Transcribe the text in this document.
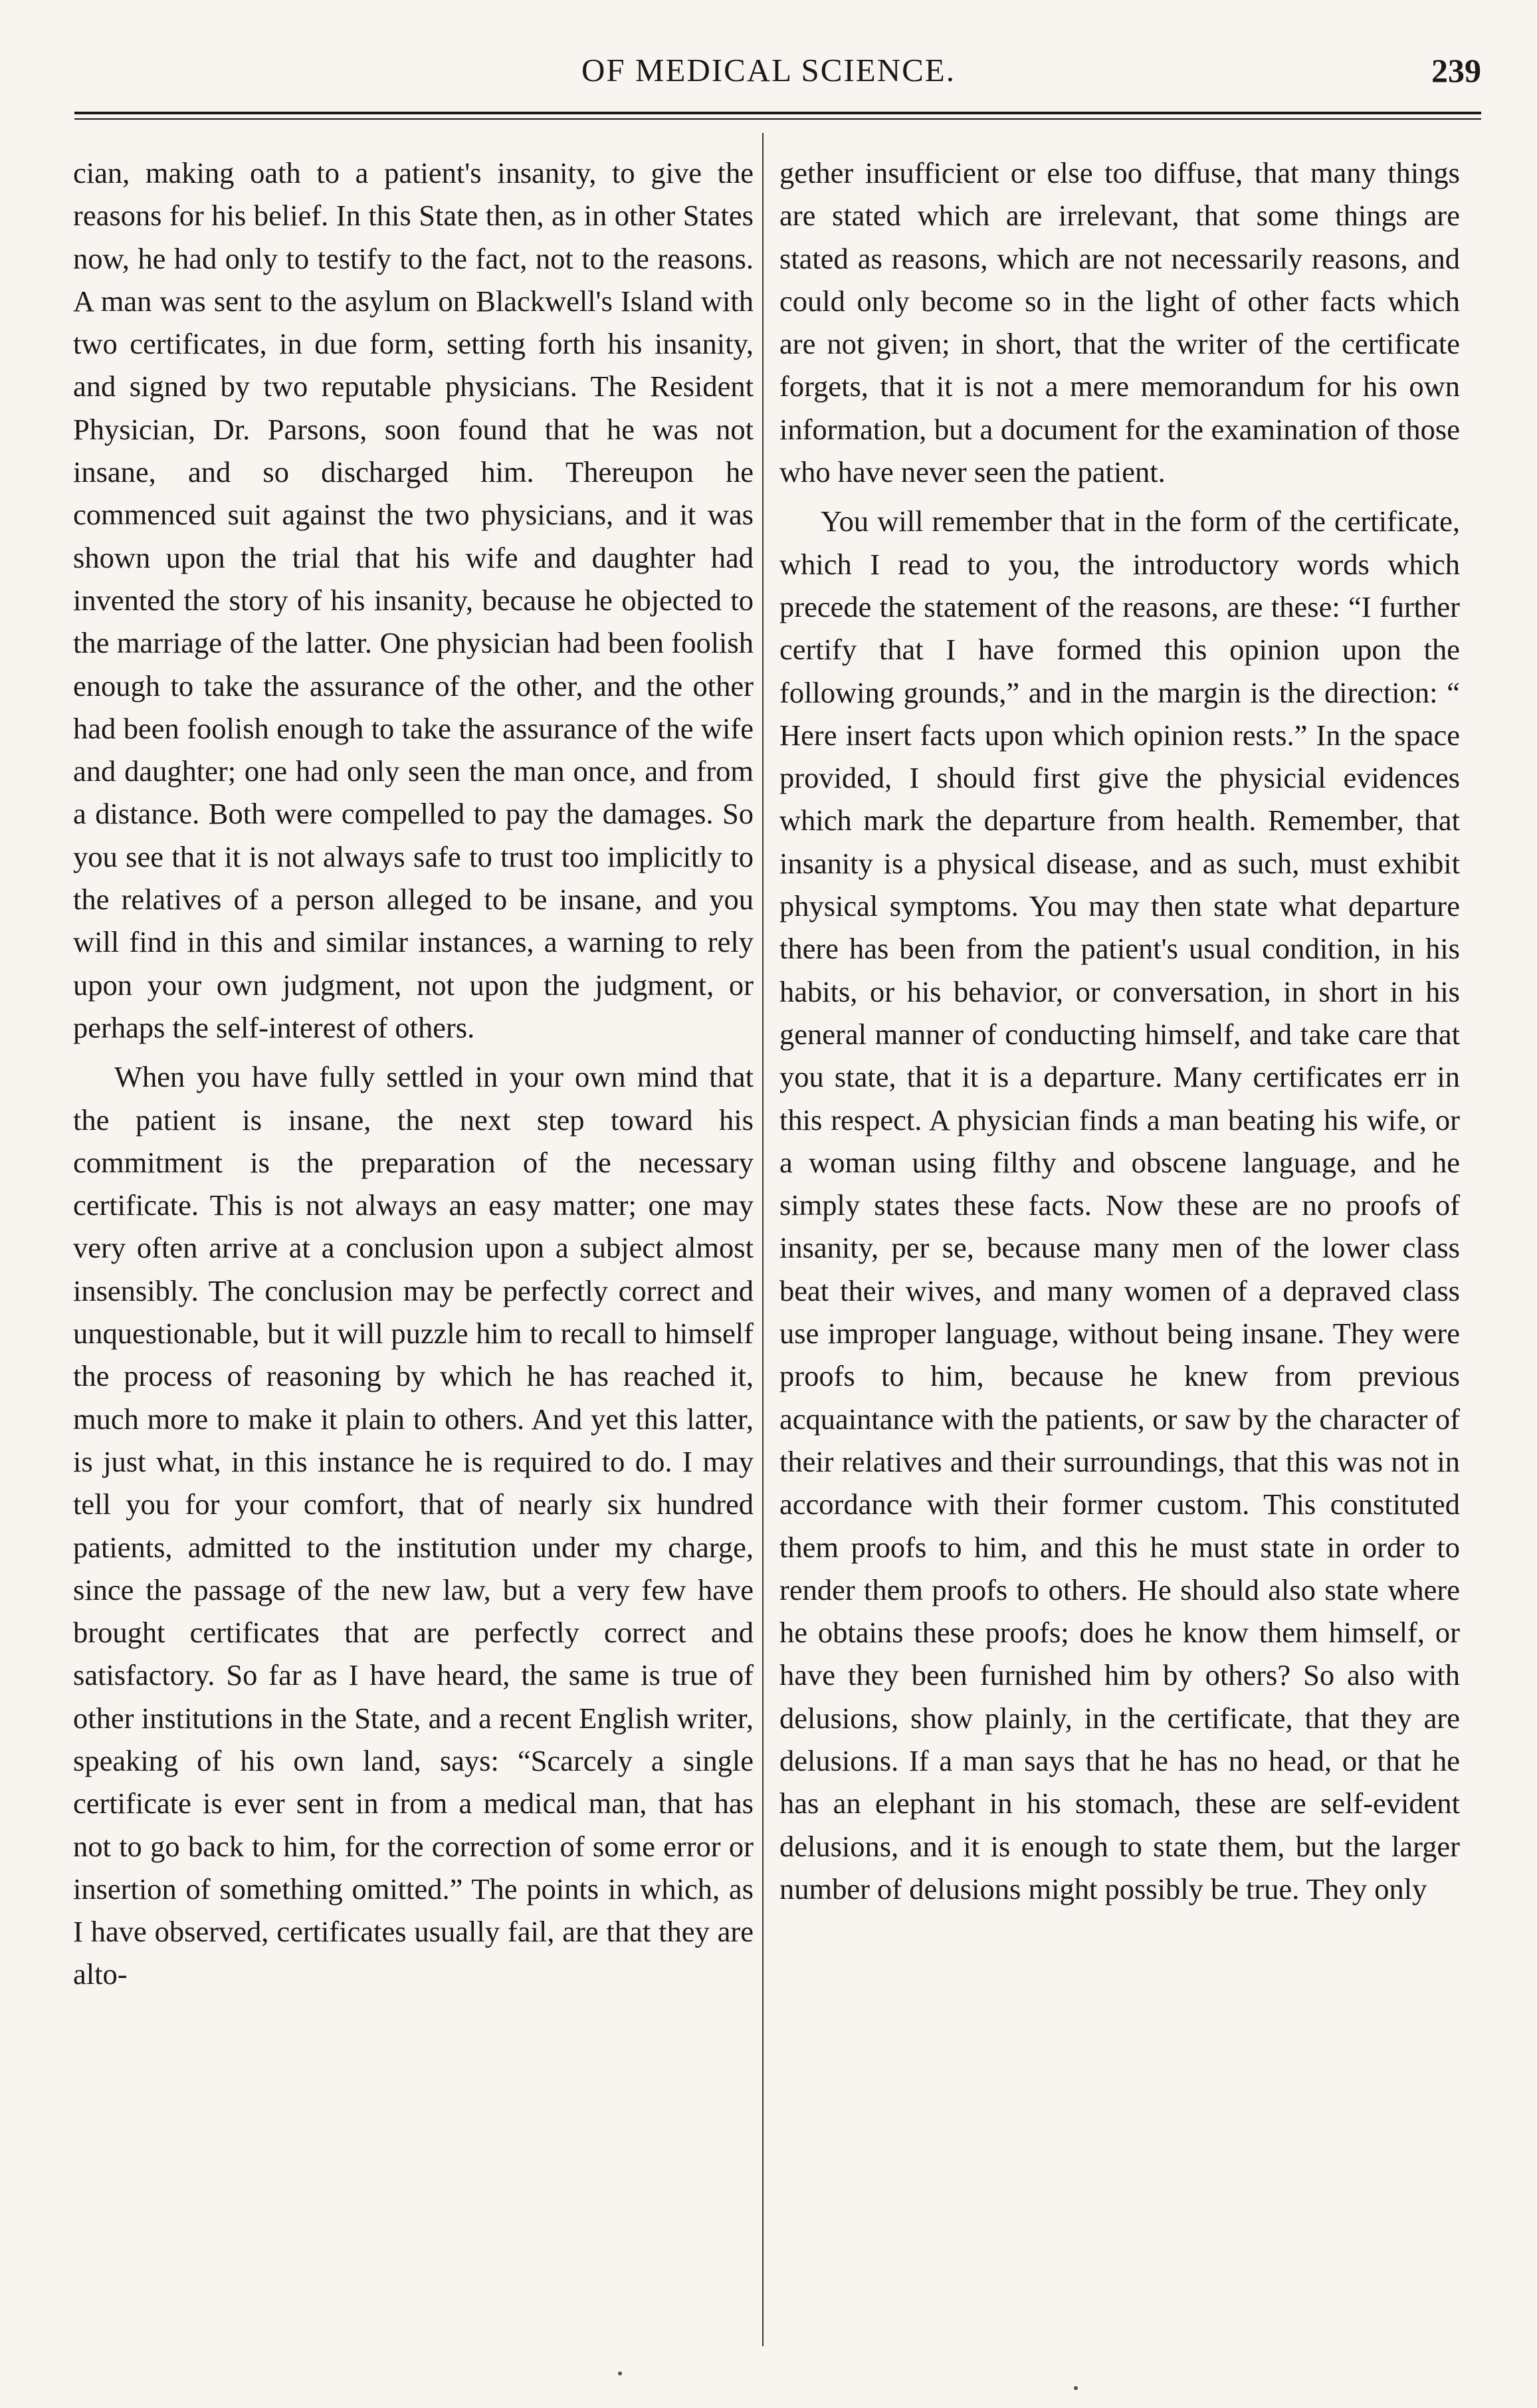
OF MEDICAL SCIENCE.	239

cian, making oath to a patient's insanity, to give the reasons for his belief. In this State then, as in other States now, he had only to testify to the fact, not to the reasons. A man was sent to the asylum on Blackwell's Island with two certificates, in due form, setting forth his insanity, and signed by two reputable physicians. The Resident Physician, Dr. Parsons, soon found that he was not insane, and so discharged him. Thereupon he commenced suit against the two physicians, and it was shown upon the trial that his wife and daughter had invented the story of his insanity, because he objected to the marriage of the latter. One physician had been foolish enough to take the assurance of the other, and the other had been foolish enough to take the assurance of the wife and daughter; one had only seen the man once, and from a distance. Both were compelled to pay the damages. So you see that it is not always safe to trust too implicitly to the relatives of a person alleged to be insane, and you will find in this and similar instances, a warning to rely upon your own judgment, not upon the judgment, or perhaps the self-interest of others.

When you have fully settled in your own mind that the patient is insane, the next step toward his commitment is the preparation of the necessary certificate. This is not always an easy matter; one may very often arrive at a conclusion upon a subject almost insensibly. The conclusion may be perfectly correct and unquestionable, but it will puzzle him to recall to himself the process of reasoning by which he has reached it, much more to make it plain to others. And yet this latter, is just what, in this instance he is required to do. I may tell you for your comfort, that of nearly six hundred patients, admitted to the institution under my charge, since the passage of the new law, but a very few have brought certificates that are perfectly correct and satisfactory. So far as I have heard, the same is true of other institutions in the State, and a recent English writer, speaking of his own land, says: “Scarcely a single certificate is ever sent in from a medical man, that has not to go back to him, for the correction of some error or insertion of something omitted.” The points in which, as I have observed, certificates usually fail, are that they are alto-

gether insufficient or else too diffuse, that many things are stated which are irrelevant, that some things are stated as reasons, which are not necessarily reasons, and could only become so in the light of other facts which are not given; in short, that the writer of the certificate forgets, that it is not a mere memorandum for his own information, but a document for the examination of those who have never seen the patient.

You will remember that in the form of the certificate, which I read to you, the introductory words which precede the statement of the reasons, are these: “I further certify that I have formed this opinion upon the following grounds,” and in the margin is the direction: “ Here insert facts upon which opinion rests.” In the space provided, I should first give the physicial evidences which mark the departure from health. Remember, that insanity is a physical disease, and as such, must exhibit physical symptoms. You may then state what departure there has been from the patient's usual condition, in his habits, or his behavior, or conversation, in short in his general manner of conducting himself, and take care that you state, that it is a departure. Many certificates err in this respect. A physician finds a man beating his wife, or a woman using filthy and obscene language, and he simply states these facts. Now these are no proofs of insanity, per se, because many men of the lower class beat their wives, and many women of a depraved class use improper language, without being insane. They were proofs to him, because he knew from previous acquaintance with the patients, or saw by the character of their relatives and their surroundings, that this was not in accordance with their former custom. This constituted them proofs to him, and this he must state in order to render them proofs to others. He should also state where he obtains these proofs; does he know them himself, or have they been furnished him by others? So also with delusions, show plainly, in the certificate, that they are delusions. If a man says that he has no head, or that he has an elephant in his stomach, these are self-evident delusions, and it is enough to state them, but the larger number of delusions might possibly be true. They only
